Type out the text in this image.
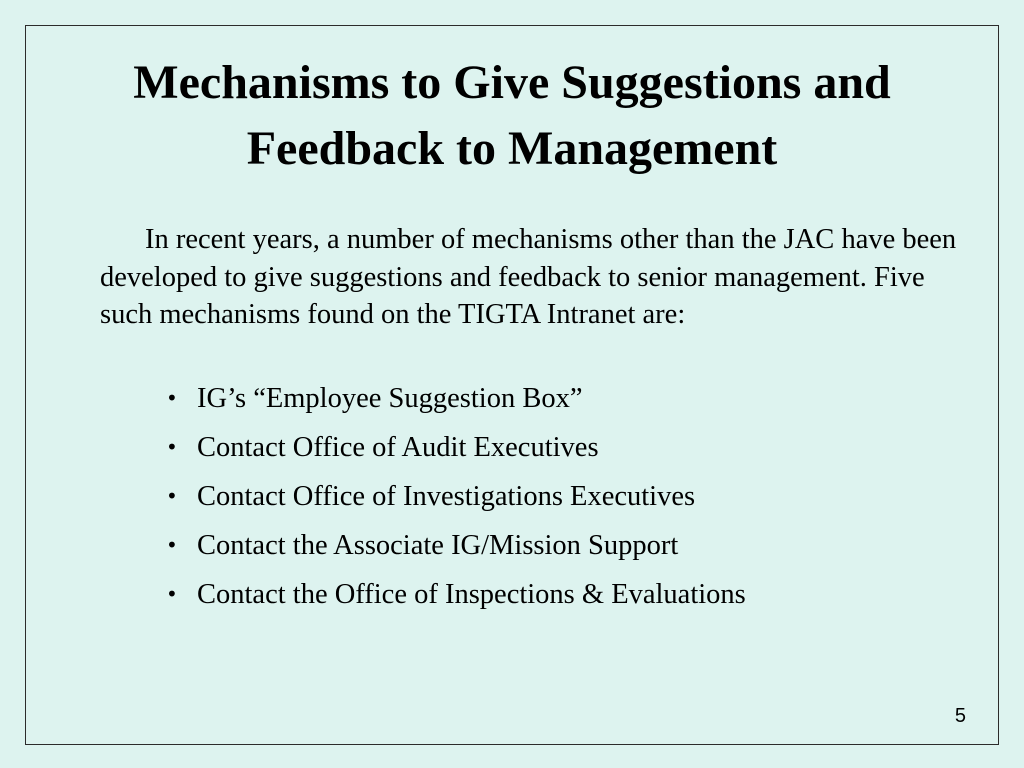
Mechanisms to Give Suggestions and
Feedback to Management

In recent years, a number of mechanisms other than the JAC have been developed to give suggestions and feedback to senior management. Five such mechanisms found on the TIGTA Intranet are:

• IG’s “Employee Suggestion Box”
• Contact Office of Audit Executives
• Contact Office of Investigations Executives
• Contact the Associate IG/Mission Support
• Contact the Office of Inspections & Evaluations
5
